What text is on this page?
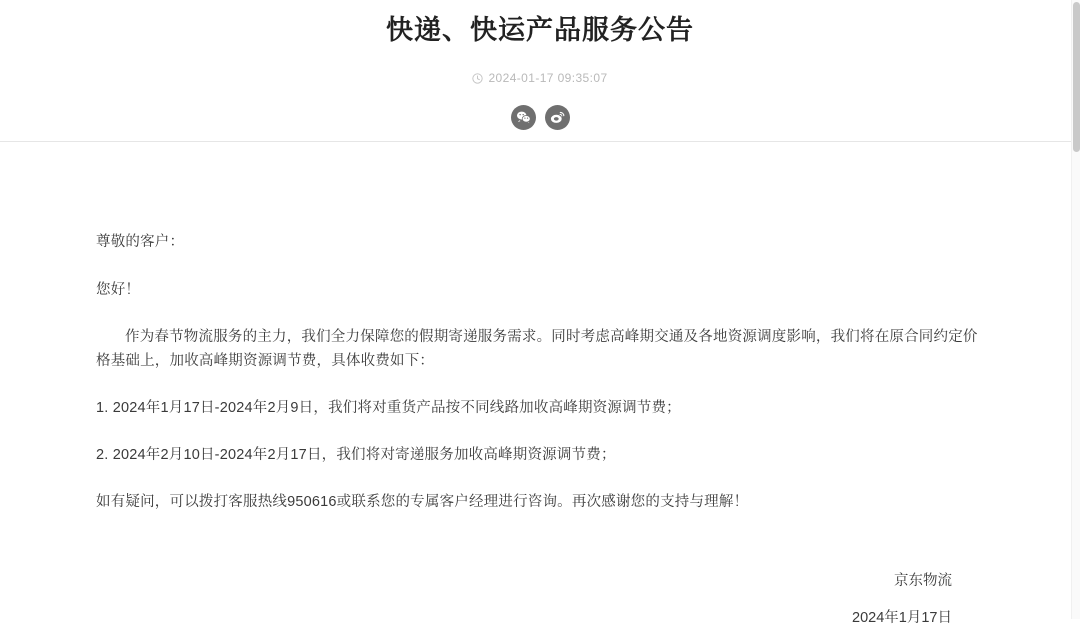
快递、快运产品服务公告
2024-01-17 09:35:07

尊敬的客户：

您好！

作为春节物流服务的主力，我们全力保障您的假期寄递服务需求。同时考虑高峰期交通及各地资源调度影响，我们将在原合同约定价格基础上，加收高峰期资源调节费，具体收费如下：

1. 2024年1月17日-2024年2月9日，我们将对重货产品按不同线路加收高峰期资源调节费；

2. 2024年2月10日-2024年2月17日，我们将对寄递服务加收高峰期资源调节费；

如有疑问，可以拨打客服热线950616或联系您的专属客户经理进行咨询。再次感谢您的支持与理解！

京东物流

2024年1月17日
